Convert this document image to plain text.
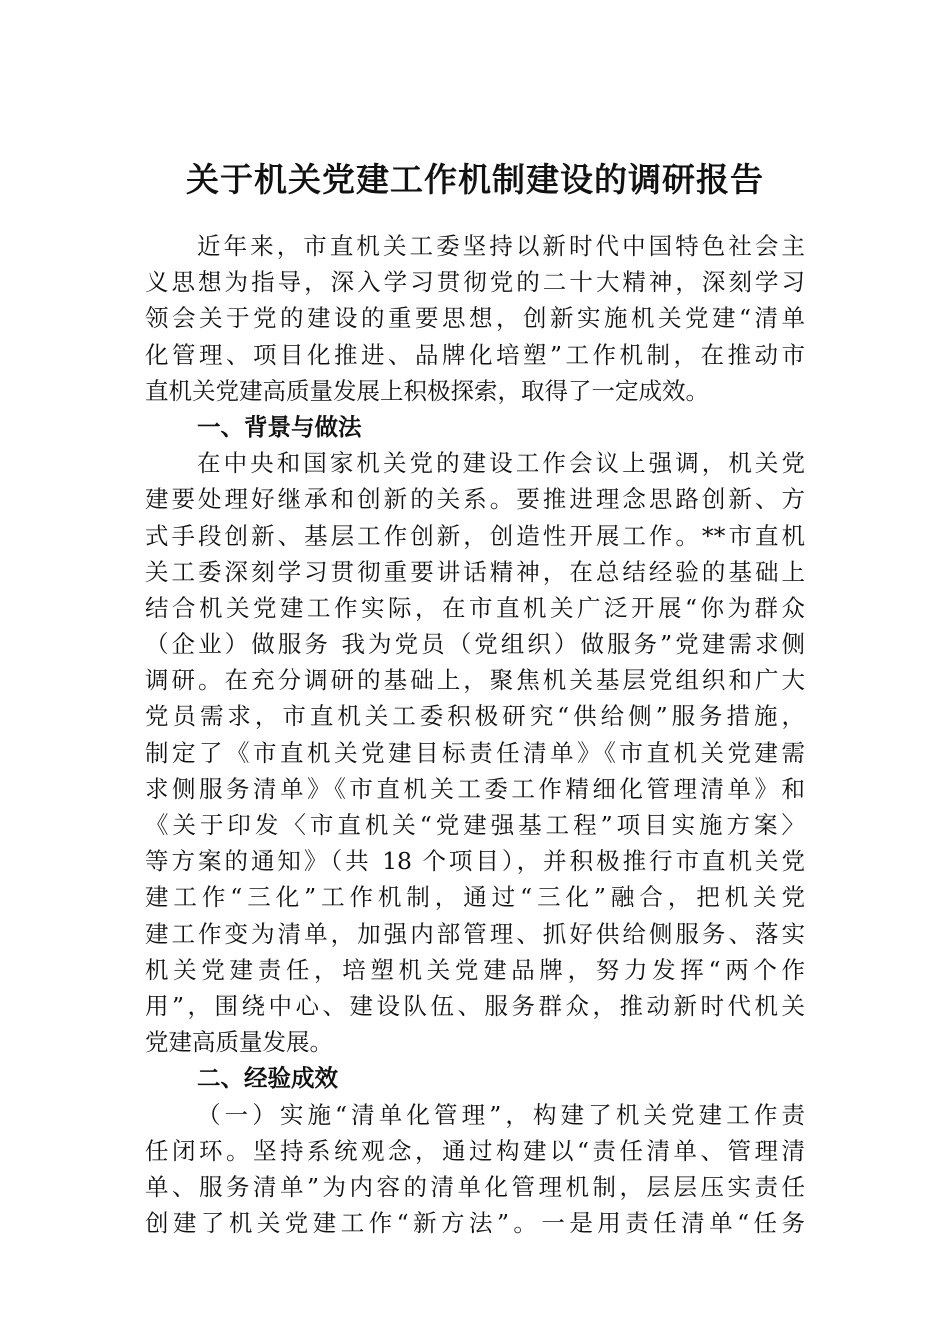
关于机关党建工作机制建设的调研报告
近年来，市直机关工委坚持以新时代中国特色社会主
义思想为指导，深入学习贯彻党的二十大精神，深刻学习
领会关于党的建设的重要思想，创新实施机关党建“清单
化管理、项目化推进、品牌化培塑”工作机制，在推动市
直机关党建高质量发展上积极探索，取得了一定成效。
一、背景与做法
在中央和国家机关党的建设工作会议上强调，机关党
建要处理好继承和创新的关系。要推进理念思路创新、方
式手段创新、基层工作创新，创造性开展工作。**市直机
关工委深刻学习贯彻重要讲话精神，在总结经验的基础上
结合机关党建工作实际，在市直机关广泛开展“你为群众
（企业）做服务 我为党员（党组织）做服务”党建需求侧
调研。在充分调研的基础上，聚焦机关基层党组织和广大
党员需求，市直机关工委积极研究“供给侧”服务措施，
制定了《市直机关党建目标责任清单》《市直机关党建需
求侧服务清单》《市直机关工委工作精细化管理清单》和
《关于印发〈市直机关“党建强基工程”项目实施方案〉
等方案的通知》（共 18 个项目），并积极推行市直机关党
建工作“三化”工作机制，通过“三化”融合，把机关党
建工作变为清单，加强内部管理、抓好供给侧服务、落实
机关党建责任，培塑机关党建品牌，努力发挥“两个作
用”，围绕中心、建设队伍、服务群众，推动新时代机关
党建高质量发展。
二、经验成效
（一）实施“清单化管理”，构建了机关党建工作责
任闭环。坚持系统观念，通过构建以“责任清单、管理清
单、服务清单”为内容的清单化管理机制，层层压实责任
创建了机关党建工作“新方法”。一是用责任清单“任务
